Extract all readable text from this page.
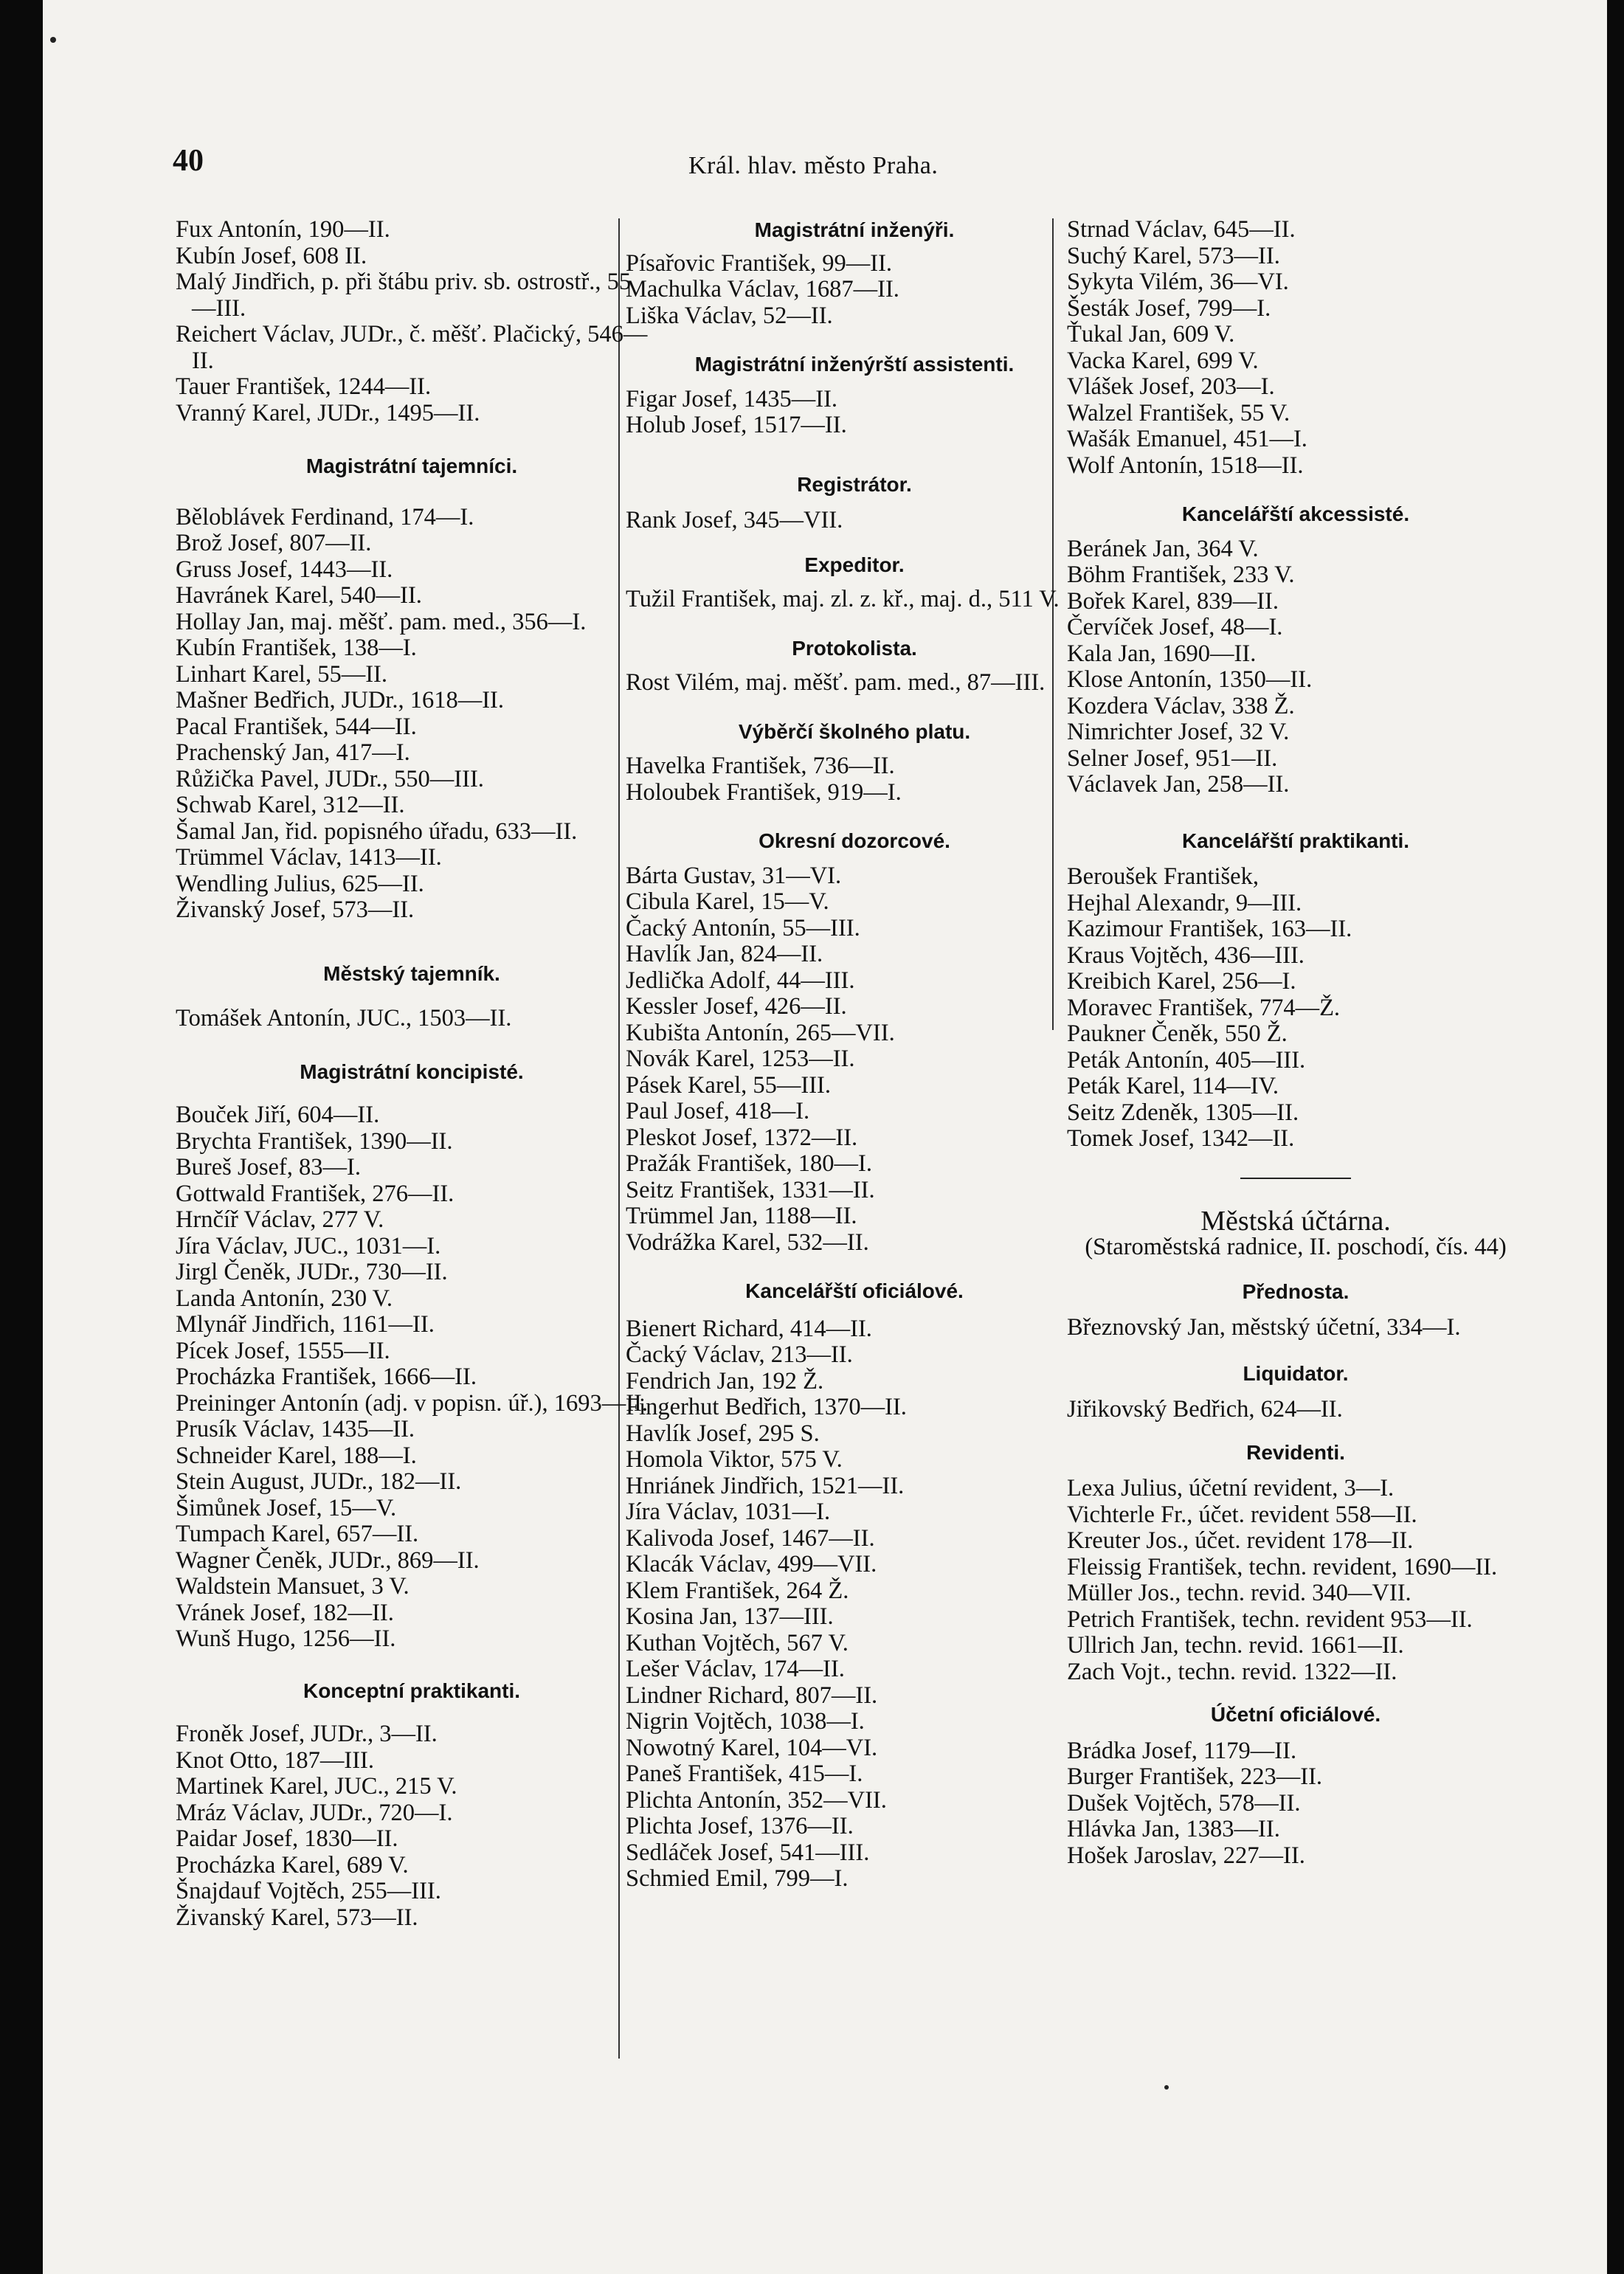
40	Král. hlav. město Praha.
Fux Antonín, 190—II.
Kubín Josef, 608 II.
Malý Jindřich, p. při štábu priv. sb. ostrostř., 55—III.
Reichert Václav, JUDr., č. měšť. Plačický, 546—II.
Tauer František, 1244—II.
Vranný Karel, JUDr., 1495—II.
Magistrátní tajemníci.
Běloblávek Ferdinand, 174—I.
Brož Josef, 807—II.
Gruss Josef, 1443—II.
Havránek Karel, 540—II.
Hollay Jan, maj. měšť. pam. med., 356—I.
Kubín František, 138—I.
Linhart Karel, 55—II.
Mašner Bedřich, JUDr., 1618—II.
Pacal František, 544—II.
Prachenský Jan, 417—I.
Růžička Pavel, JUDr., 550—III.
Schwab Karel, 312—II.
Šamal Jan, řid. popisného úřadu, 633—II.
Trümmel Václav, 1413—II.
Wendling Julius, 625—II.
Živanský Josef, 573—II.
Městský tajemník.
Tomášek Antonín, JUC., 1503—II.
Magistrátní koncipisté.
Bouček Jiří, 604—II.
Brychta František, 1390—II.
Bureš Josef, 83—I.
Gottwald František, 276—II.
Hrnčíř Václav, 277 V.
Jíra Václav, JUC., 1031—I.
Jirgl Čeněk, JUDr., 730—II.
Landa Antonín, 230 V.
Mlynář Jindřich, 1161—II.
Pícek Josef, 1555—II.
Procházka František, 1666—II.
Preininger Antonín (adj. v popisn. úř.), 1693—II.
Prusík Václav, 1435—II.
Schneider Karel, 188—I.
Stein August, JUDr., 182—II.
Šimůnek Josef, 15—V.
Tumpach Karel, 657—II.
Wagner Čeněk, JUDr., 869—II.
Waldstein Mansuet, 3 V.
Vránek Josef, 182—II.
Wunš Hugo, 1256—II.
Konceptní praktikanti.
Froněk Josef, JUDr., 3—II.
Knot Otto, 187—III.
Martinek Karel, JUC., 215 V.
Mráz Václav, JUDr., 720—I.
Paidar Josef, 1830—II.
Procházka Karel, 689 V.
Šnajdauf Vojtěch, 255—III.
Živanský Karel, 573—II.
Magistrátní inženýři.
Písařovic František, 99—II.
Machulka Václav, 1687—II.
Liška Václav, 52—II.
Magistrátní inženýrští assistenti.
Figar Josef, 1435—II.
Holub Josef, 1517—II.
Registrátor.
Rank Josef, 345—VII.
Expeditor.
Tužil František, maj. zl. z. kř., maj. d., 511 V.
Protokolista.
Rost Vilém, maj. měšť. pam. med., 87—III.
Výběrčí školného platu.
Havelka František, 736—II.
Holoubek František, 919—I.
Okresní dozorcové.
Bárta Gustav, 31—VI.
Cibula Karel, 15—V.
Čacký Antonín, 55—III.
Havlík Jan, 824—II.
Jedlička Adolf, 44—III.
Kessler Josef, 426—II.
Kubišta Antonín, 265—VII.
Novák Karel, 1253—II.
Pásek Karel, 55—III.
Paul Josef, 418—I.
Pleskot Josef, 1372—II.
Pražák František, 180—I.
Seitz František, 1331—II.
Trümmel Jan, 1188—II.
Vodrážka Karel, 532—II.
Kancelářští oficiálové.
Bienert Richard, 414—II.
Čacký Václav, 213—II.
Fendrich Jan, 192 Ž.
Fingerhut Bedřich, 1370—II.
Havlík Josef, 295 S.
Homola Viktor, 575 V.
Hnriánek Jindřich, 1521—II.
Jíra Václav, 1031—I.
Kalivoda Josef, 1467—II.
Klacák Václav, 499—VII.
Klem František, 264 Ž.
Kosina Jan, 137—III.
Kuthan Vojtěch, 567 V.
Lešer Václav, 174—II.
Lindner Richard, 807—II.
Nigrin Vojtěch, 1038—I.
Nowotný Karel, 104—VI.
Paneš František, 415—I.
Plichta Antonín, 352—VII.
Plichta Josef, 1376—II.
Sedláček Josef, 541—III.
Schmied Emil, 799—I.
Strnad Václav, 645—II.
Suchý Karel, 573—II.
Sykyta Vilém, 36—VI.
Šesták Josef, 799—I.
Ťukal Jan, 609 V.
Vacka Karel, 699 V.
Vlášek Josef, 203—I.
Walzel František, 55 V.
Wašák Emanuel, 451—I.
Wolf Antonín, 1518—II.
Kancelářští akcessisté.
Beránek Jan, 364 V.
Böhm František, 233 V.
Bořek Karel, 839—II.
Červíček Josef, 48—I.
Kala Jan, 1690—II.
Klose Antonín, 1350—II.
Kozdera Václav, 338 Ž.
Nimrichter Josef, 32 V.
Selner Josef, 951—II.
Václavek Jan, 258—II.
Kancelářští praktikanti.
Beroušek František,
Hejhal Alexandr, 9—III.
Kazimour František, 163—II.
Kraus Vojtěch, 436—III.
Kreibich Karel, 256—I.
Moravec František, 774—Ž.
Paukner Čeněk, 550 Ž.
Peták Antonín, 405—III.
Peták Karel, 114—IV.
Seitz Zdeněk, 1305—II.
Tomek Josef, 1342—II.
Městská účtárna.
(Staroměstská radnice, II. poschodí, čís. 44)
Přednosta.
Březnovský Jan, městský účetní, 334—I.
Liquidator.
Jiřikovský Bedřich, 624—II.
Revidenti.
Lexa Julius, účetní revident, 3—I.
Vichterle Fr., účet. revident 558—II.
Kreuter Jos., účet. revident 178—II.
Fleissig František, techn. revident, 1690—II.
Müller Jos., techn. revid. 340—VII.
Petrich František, techn. revident 953—II.
Ullrich Jan, techn. revid. 1661—II.
Zach Vojt., techn. revid. 1322—II.
Účetní oficiálové.
Brádka Josef, 1179—II.
Burger František, 223—II.
Dušek Vojtěch, 578—II.
Hlávka Jan, 1383—II.
Hošek Jaroslav, 227—II.
